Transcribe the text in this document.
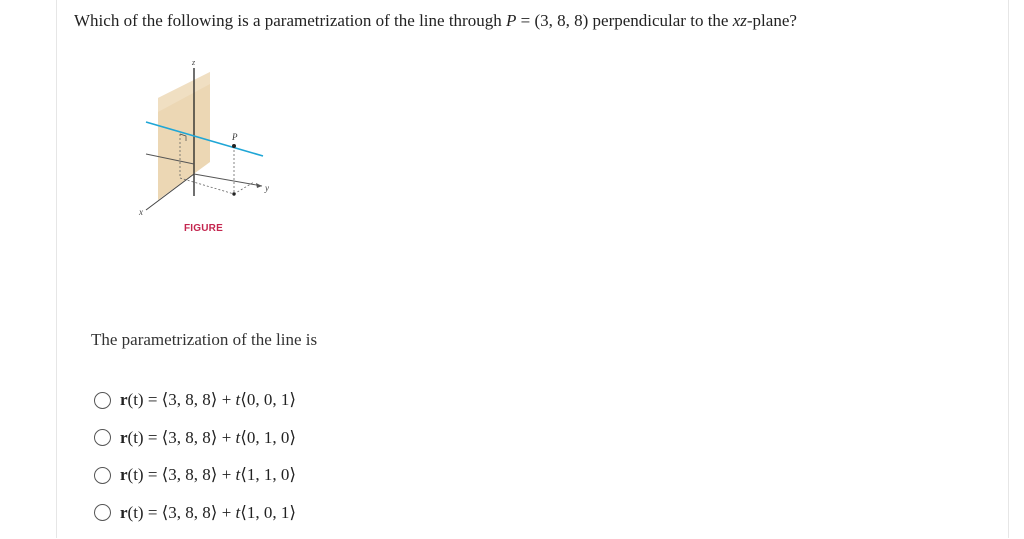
Which of the following is a parametrization of the line through P = (3, 8, 8) perpendicular to the xz-plane?
z
x
y
P
FIGURE
The parametrization of the line is
r(t) = ⟨3, 8, 8⟩ + t⟨0, 0, 1⟩
r(t) = ⟨3, 8, 8⟩ + t⟨0, 1, 0⟩
r(t) = ⟨3, 8, 8⟩ + t⟨1, 1, 0⟩
r(t) = ⟨3, 8, 8⟩ + t⟨1, 0, 1⟩
